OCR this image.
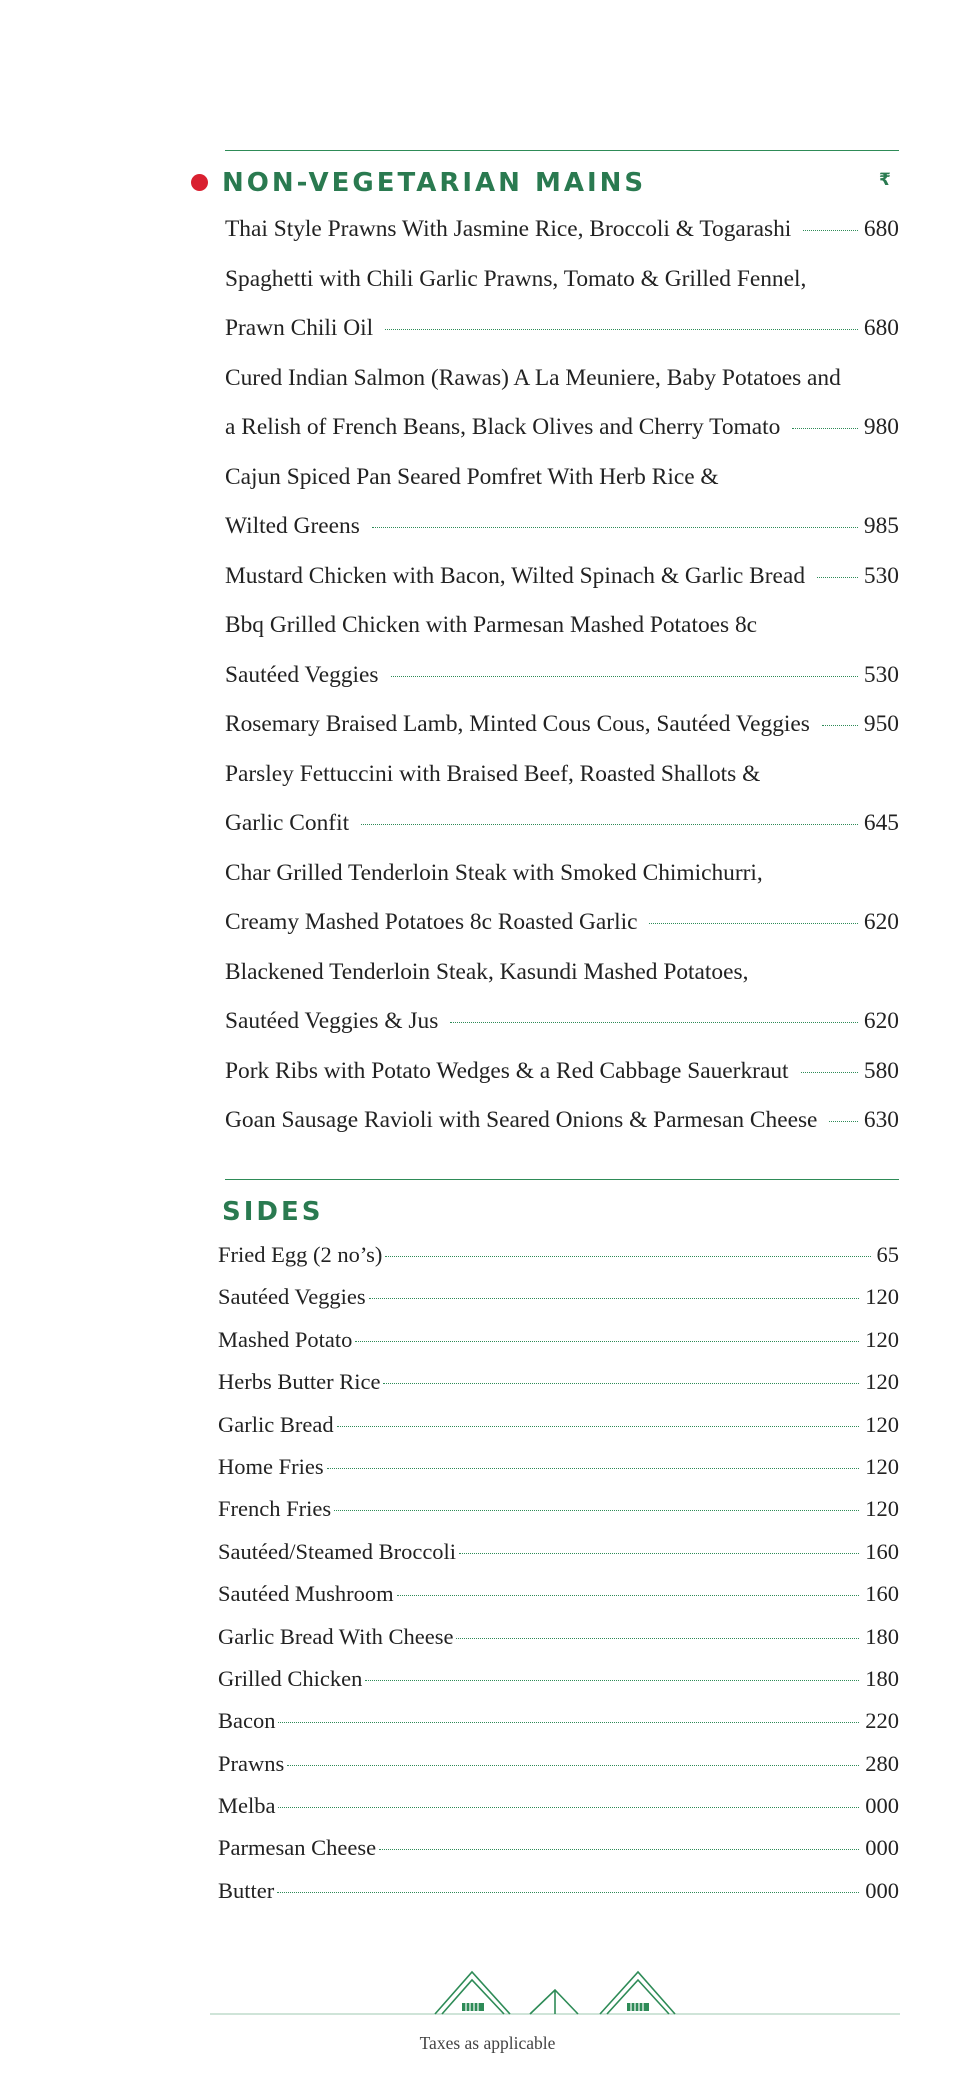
NON-VEGETARIAN MAINS	₹
Thai Style Prawns With Jasmine Rice, Broccoli & Togarashi	680
Spaghetti with Chili Garlic Prawns, Tomato & Grilled Fennel,
Prawn Chili Oil	680
Cured Indian Salmon (Rawas) A La Meuniere, Baby Potatoes and
a Relish of French Beans, Black Olives and Cherry Tomato	980
Cajun Spiced Pan Seared Pomfret With Herb Rice &
Wilted Greens	985
Mustard Chicken with Bacon, Wilted Spinach & Garlic Bread	530
Bbq Grilled Chicken with Parmesan Mashed Potatoes 8c
Sautéed Veggies	530
Rosemary Braised Lamb, Minted Cous Cous, Sautéed Veggies 950
Parsley Fettuccini with Braised Beef, Roasted Shallots &
Garlic Confit	645
Char Grilled Tenderloin Steak with Smoked Chimichurri,
Creamy Mashed Potatoes 8c Roasted Garlic	620
Blackened Tenderloin Steak, Kasundi Mashed Potatoes,
Sautéed Veggies & Jus	620
Pork Ribs with Potato Wedges & a Red Cabbage Sauerkraut	580
Goan Sausage Ravioli with Seared Onions & Parmesan Cheese 630
SIDES
Fried Egg (2 no’s)	65
Sautéed Veggies	120
Mashed Potato	120
Herbs Butter Rice	120
Garlic Bread	120
Home Fries	120
French Fries	120
Sautéed/Steamed Broccoli	160
Sautéed Mushroom	160
Garlic Bread With Cheese	180
Grilled Chicken	180
Bacon	220
Prawns	280
Melba	000
Parmesan Cheese	000
Butter	000
Taxes as applicable
